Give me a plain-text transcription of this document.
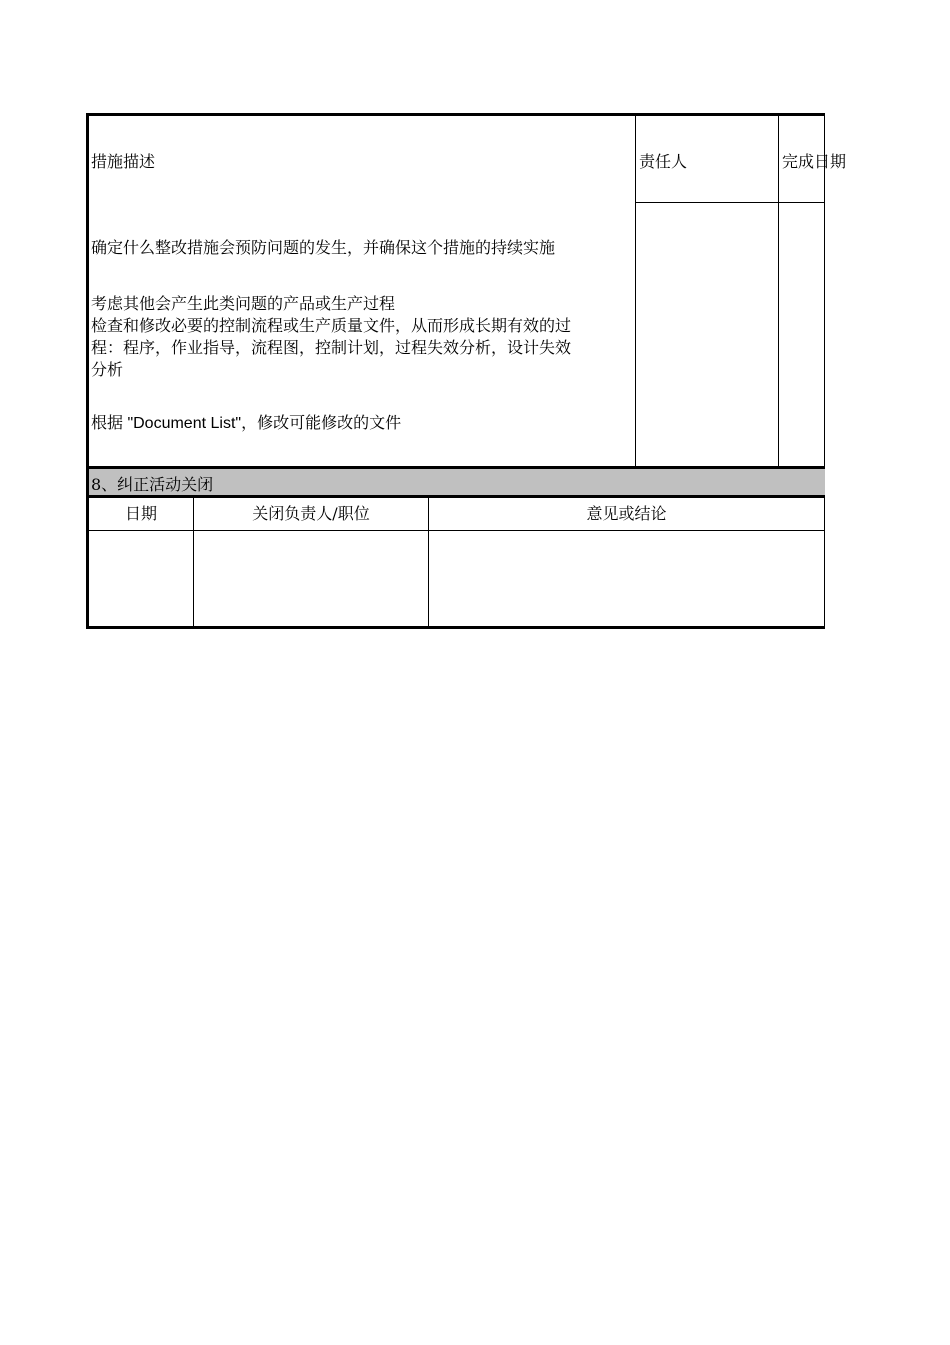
措施描述	责任人	完成日期
确定什么整改措施会预防问题的发生，并确保这个措施的持续实施
考虑其他会产生此类问题的产品或生产过程
检查和修改必要的控制流程或生产质量文件，从而形成长期有效的过
程：程序，作业指导，流程图，控制计划，过程失效分析，设计失效
分析
根据 "Document List"，修改可能修改的文件
8、纠正活动关闭
日期	关闭负责人/职位	意见或结论
